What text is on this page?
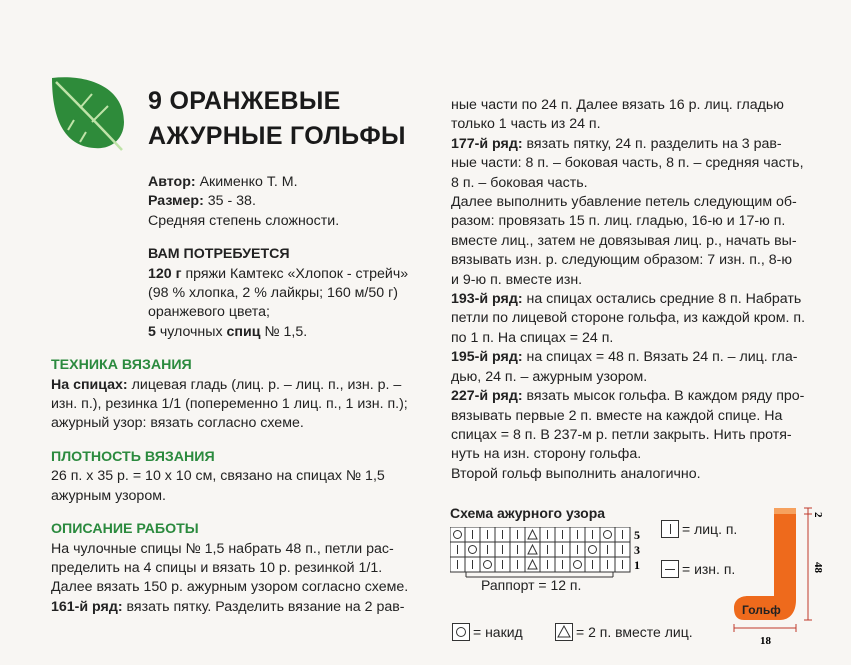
9 ОРАНЖЕВЫЕ
АЖУРНЫЕ ГОЛЬФЫ
Автор: Акименко Т. М.
Размер: 35 - 38.
Средняя степень сложности.
ВАМ ПОТРЕБУЕТСЯ
120 г пряжи Камтекс «Хлопок - стрейч»
(98 % хлопка, 2 % лайкры; 160 м/50 г)
оранжевого цвета;
5 чулочных спиц № 1,5.
ТЕХНИКА ВЯЗАНИЯ
На спицах: лицевая гладь (лиц. р. – лиц. п., изн. р. –
изн. п.), резинка 1/1 (попеременно 1 лиц. п., 1 изн. п.);
ажурный узор: вязать согласно схеме.
ПЛОТНОСТЬ ВЯЗАНИЯ
26 п. х 35 р. = 10 х 10 см, связано на спицах № 1,5
ажурным узором.
ОПИСАНИЕ РАБОТЫ
На чулочные спицы № 1,5 набрать 48 п., петли рас-
пределить на 4 спицы и вязать 10 р. резинкой 1/1.
Далее вязать 150 р. ажурным узором согласно схеме.
161-й ряд: вязать пятку. Разделить вязание на 2 рав-
ные части по 24 п. Далее вязать 16 р. лиц. гладью
только 1 часть из 24 п.
177-й ряд: вязать пятку, 24 п. разделить на 3 рав-
ные части: 8 п. – боковая часть, 8 п. – средняя часть,
8 п. – боковая часть.
Далее выполнить убавление петель следующим об-
разом: провязать 15 п. лиц. гладью, 16-ю и 17-ю п.
вместе лиц., затем не довязывая лиц. р., начать вы-
вязывать изн. р. следующим образом: 7 изн. п., 8-ю
и 9-ю п. вместе изн.
193-й ряд: на спицах остались средние 8 п. Набрать
петли по лицевой стороне гольфа, из каждой кром. п.
по 1 п. На спицах = 24 п.
195-й ряд: на спицах = 48 п. Вязать 24 п. – лиц. гла-
дью, 24 п. – ажурным узором.
227-й ряд: вязать мысок гольфа. В каждом ряду про-
вязывать первые 2 п. вместе на каждой спице. На
спицах = 8 п. В 237-м р. петли закрыть. Нить протя-
нуть на изн. сторону гольфа.
Второй гольф выполнить аналогично.
Схема ажурного узора
5
3
1
Раппорт = 12 п.
= лиц. п.
= изн. п.
= накид	= 2 п. вместе лиц.
Гольф
2
48
18
